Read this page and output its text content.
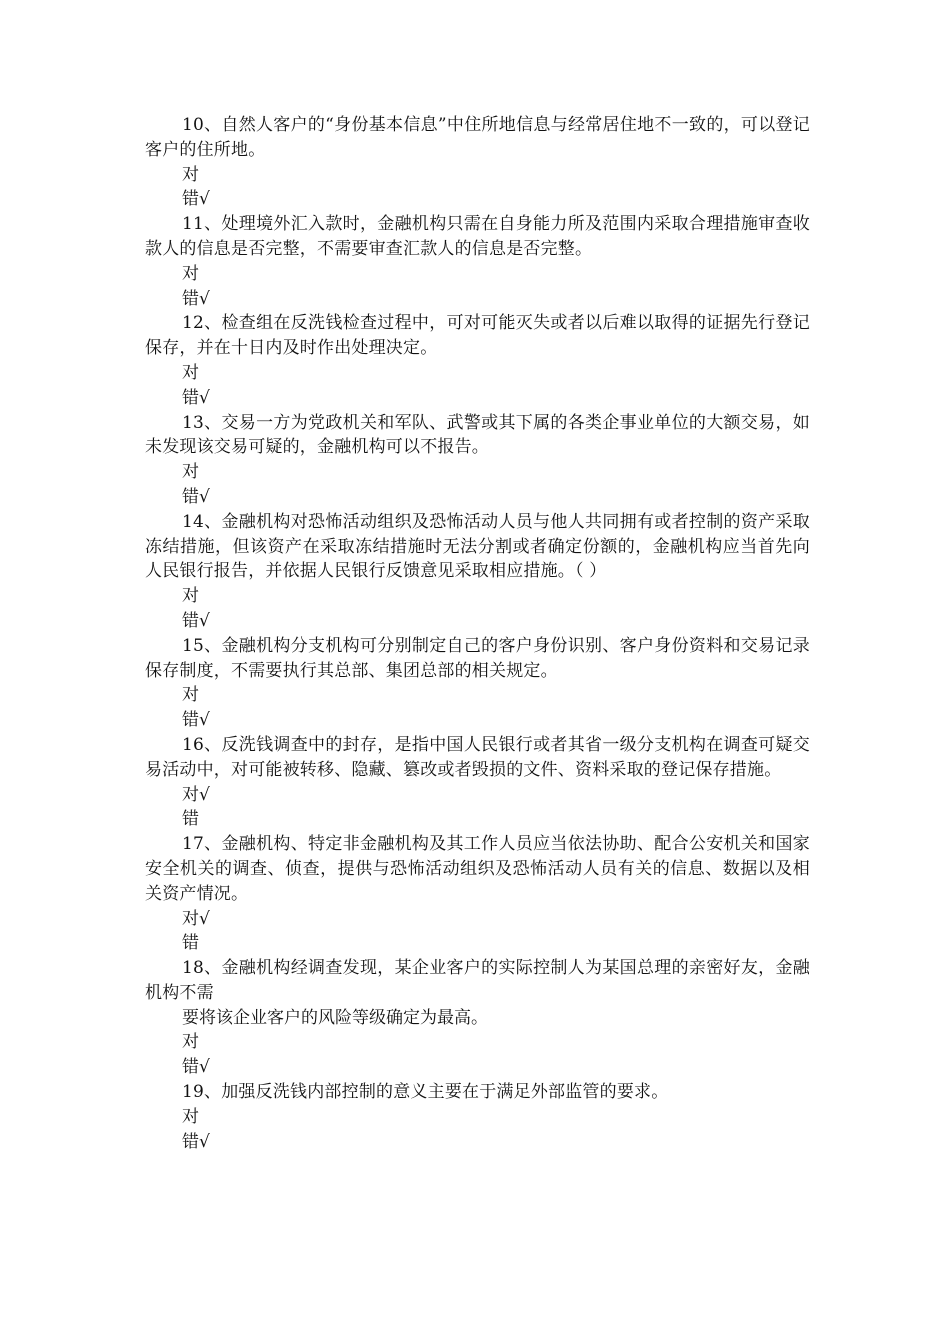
10、自然人客户的“身份基本信息”中住所地信息与经常居住地不一致的，可以登记客户的住所地。

对

错√

11、处理境外汇入款时，金融机构只需在自身能力所及范围内采取合理措施审查收款人的信息是否完整，不需要审查汇款人的信息是否完整。

对

错√

12、检查组在反洗钱检查过程中，可对可能灭失或者以后难以取得的证据先行登记保存，并在十日内及时作出处理决定。

对

错√

13、交易一方为党政机关和军队、武警或其下属的各类企事业单位的大额交易，如未发现该交易可疑的，金融机构可以不报告。

对

错√

14、金融机构对恐怖活动组织及恐怖活动人员与他人共同拥有或者控制的资产采取冻结措施，但该资产在采取冻结措施时无法分割或者确定份额的，金融机构应当首先向人民银行报告，并依据人民银行反馈意见采取相应措施。（ ）

对

错√

15、金融机构分支机构可分别制定自己的客户身份识别、客户身份资料和交易记录保存制度，不需要执行其总部、集团总部的相关规定。

对

错√

16、反洗钱调查中的封存，是指中国人民银行或者其省一级分支机构在调查可疑交易活动中，对可能被转移、隐藏、篡改或者毁损的文件、资料采取的登记保存措施。

对√

错

17、金融机构、特定非金融机构及其工作人员应当依法协助、配合公安机关和国家安全机关的调查、侦查，提供与恐怖活动组织及恐怖活动人员有关的信息、数据以及相关资产情况。

对√

错

18、金融机构经调查发现，某企业客户的实际控制人为某国总理的亲密好友，金融机构不需

要将该企业客户的风险等级确定为最高。

对

错√

19、加强反洗钱内部控制的意义主要在于满足外部监管的要求。

对

错√
